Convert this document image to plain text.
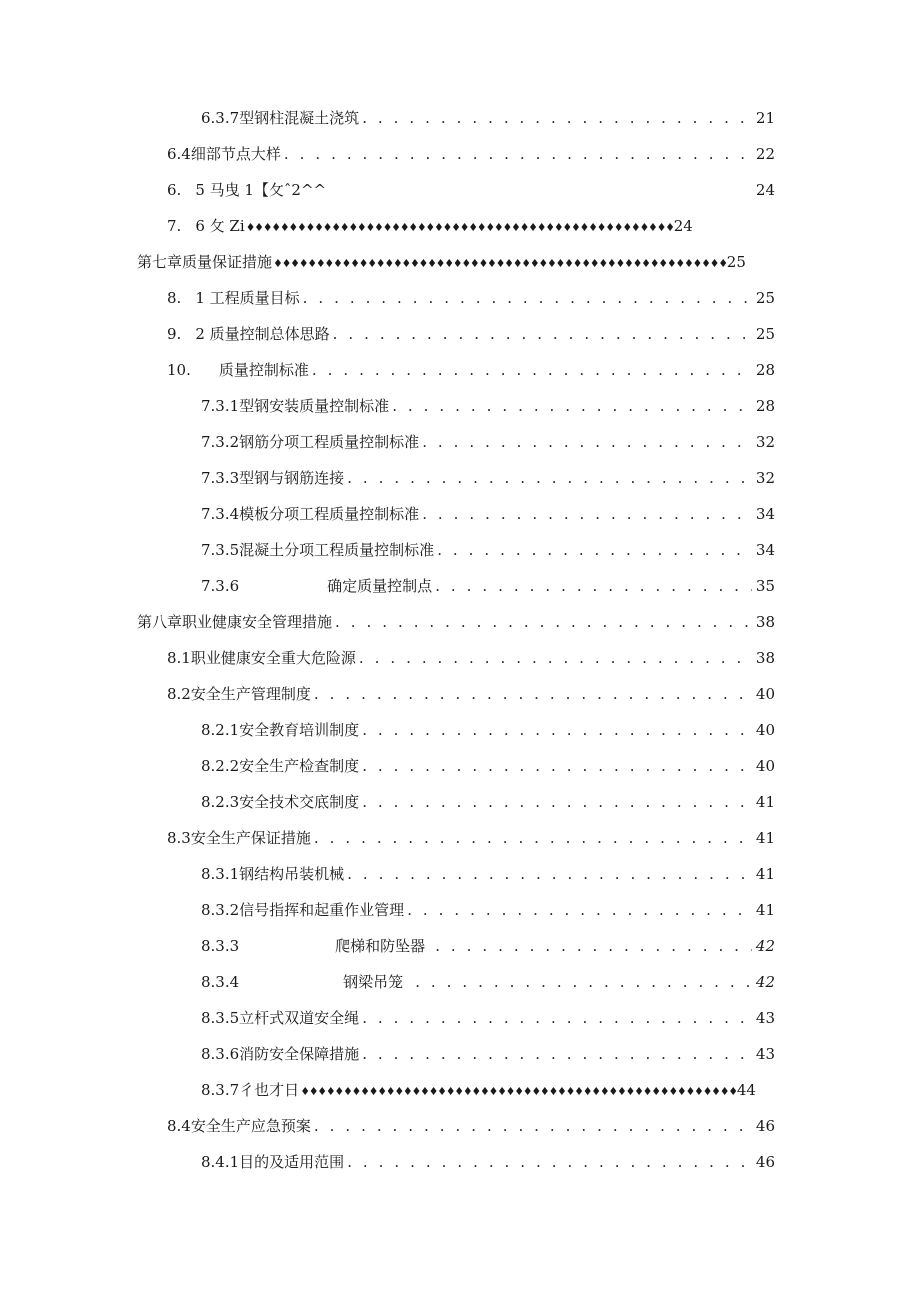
6.3.7 型钢柱混凝土浇筑 . . .	21
6.4 细部节点大样 . . .	22
6. 5 马曳 1【攵ˆ2^^	24
7. 6 攵 Zi ♦♦♦♦♦♦♦♦♦♦♦♦♦♦♦♦♦♦♦♦♦♦♦♦♦♦♦♦♦♦♦♦♦♦♦♦♦♦♦♦♦♦♦♦♦♦♦♦♦♦ 24
第七章质量保证措施 ♦♦♦♦♦♦♦♦♦♦♦♦♦♦♦♦♦♦♦♦♦♦♦♦♦♦♦♦♦♦♦♦♦♦♦♦♦♦♦♦♦♦♦♦♦♦♦♦♦♦♦♦♦ 25
8. 1 工程质量目标 . . .	25
9. 2 质量控制总体思路 . . .	25
10. 质量控制标准 . . .	28
7.3.1 型钢安装质量控制标准 . . .	28
7.3.2 钢筋分项工程质量控制标准 . . .	32
7.3.3 型钢与钢筋连接 . . .	32
7.3.4 模板分项工程质量控制标准 . . .	34
7.3.5 混凝土分项工程质量控制标准 . . .	34
7.3.6	确定质量控制点 . . .	35
第八章职业健康安全管理措施 . . .	38
8.1 职业健康安全重大危险源 . . .	38
8.2 安全生产管理制度 . . .	40
8.2.1 安全教育培训制度 . . .	40
8.2.2 安全生产检查制度 . . .	40
8.2.3 安全技术交底制度 . . .	41
8.3 安全生产保证措施 . . .	41
8.3.1 钢结构吊装机械 . . .	41
8.3.2 信号指挥和起重作业管理 . . .	41
8.3.3	爬梯和防坠器 . . .	42
8.3.4	钢梁吊笼 . . .	42
8.3.5 立杆式双道安全绳 . . .	43
8.3.6 消防安全保障措施 . . .	43
8.3.7 彳也才日 ♦♦♦♦♦♦♦♦♦♦♦♦♦♦♦♦♦♦♦♦♦♦♦♦♦♦♦♦♦♦♦♦♦♦♦♦♦♦♦♦♦♦♦♦♦♦♦♦♦♦♦ 44
8.4 安全生产应急预案 . . .	46
8.4.1 目的及适用范围 . . .	46
